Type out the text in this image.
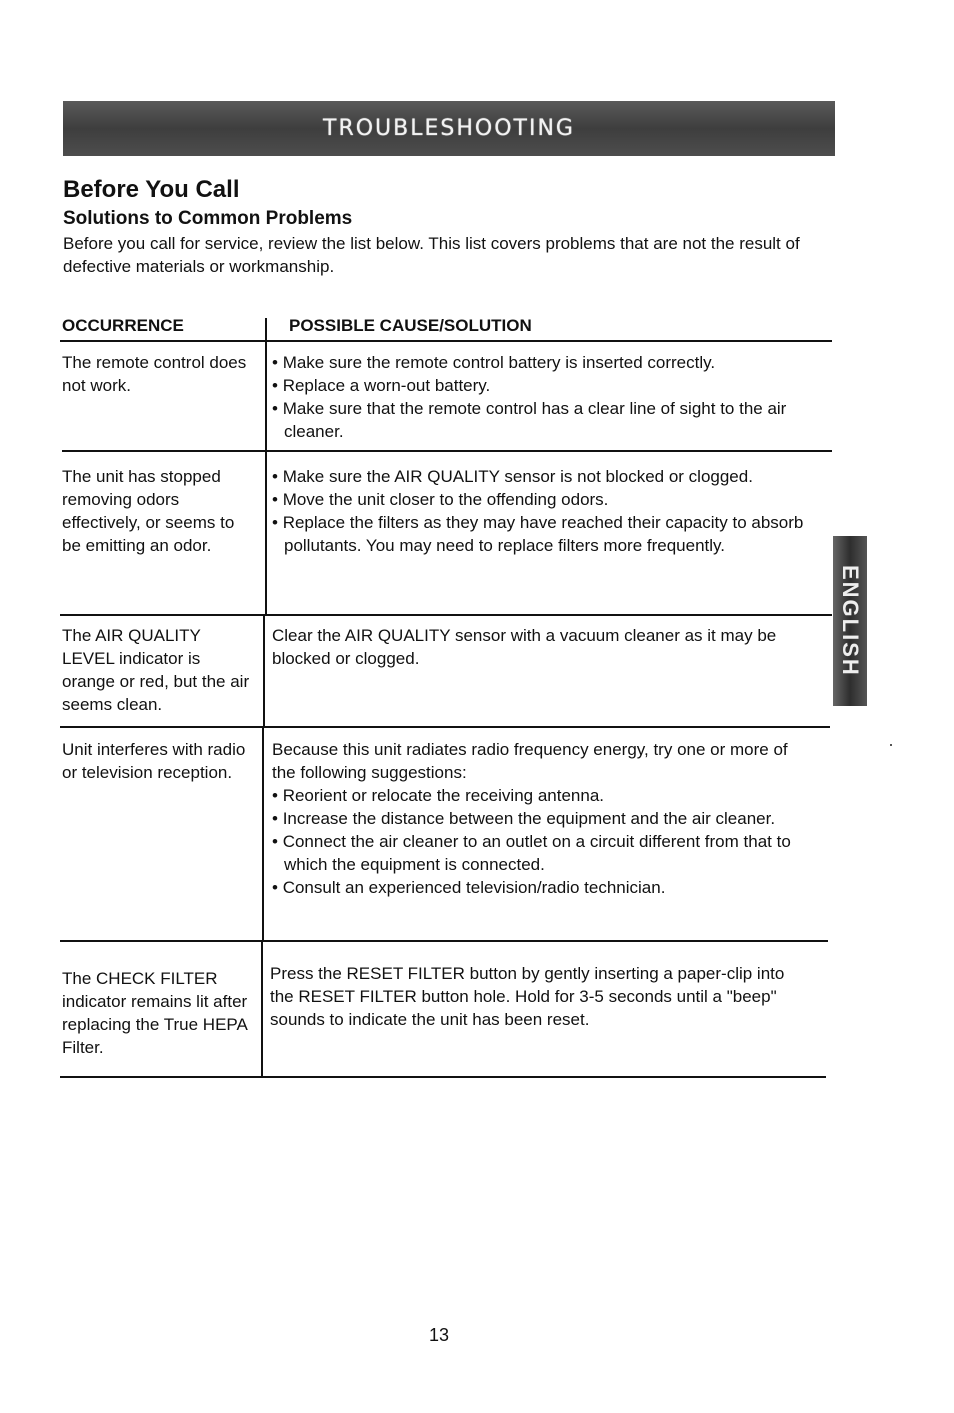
TROUBLESHOOTING
Before You Call
Solutions to Common Problems

Before you call for service, review the list below. This list covers problems that are not the result of defective materials or workmanship.

OCCURRENCE	POSSIBLE CAUSE/SOLUTION
The remote control does not work.
• Make sure the remote control battery is inserted correctly.
• Replace a worn-out battery.
• Make sure that the remote control has a clear line of sight to the air cleaner.
The unit has stopped removing odors effectively, or seems to be emitting an odor.
• Make sure the AIR QUALITY sensor is not blocked or clogged.
• Move the unit closer to the offending odors.
• Replace the filters as they may have reached their capacity to absorb pollutants. You may need to replace filters more frequently.
The AIR QUALITY LEVEL indicator is orange or red, but the air seems clean.
Clear the AIR QUALITY sensor with a vacuum cleaner as it may be blocked or clogged.
Unit interferes with radio or television reception.
Because this unit radiates radio frequency energy, try one or more of the following suggestions:
• Reorient or relocate the receiving antenna.
• Increase the distance between the equipment and the air cleaner.
• Connect the air cleaner to an outlet on a circuit different from that to which the equipment is connected.
• Consult an experienced television/radio technician.
The CHECK FILTER indicator remains lit after replacing the True HEPA Filter.
Press the RESET FILTER button by gently inserting a paper-clip into the RESET FILTER button hole. Hold for 3-5 seconds until a "beep" sounds to indicate the unit has been reset.
ENGLISH
13
